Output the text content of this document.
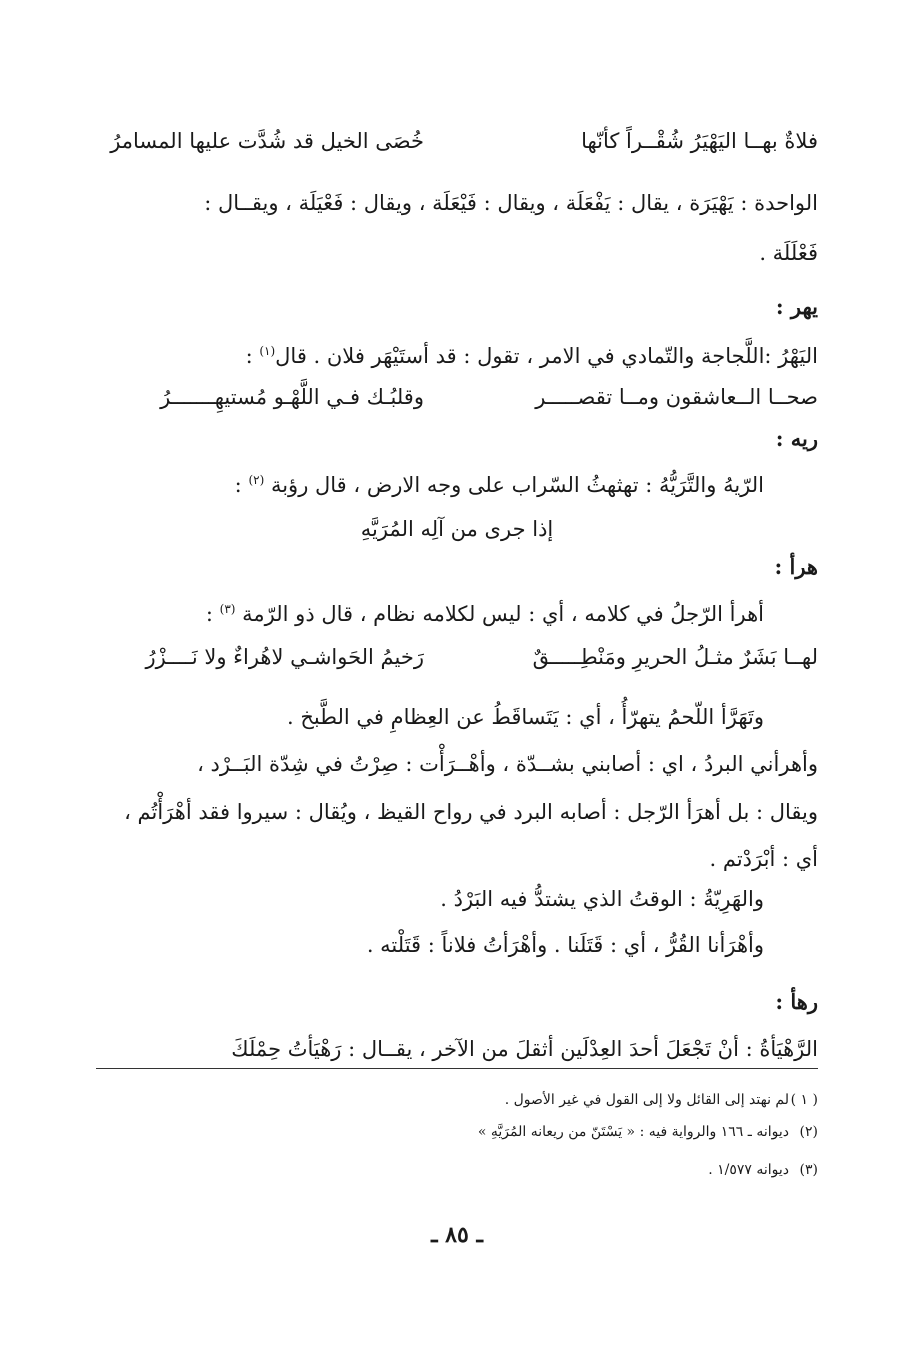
فلاةٌ بهــا اليَهْيَرُ شُقْــراً كأنّها
خُصَى الخيل قد شُدَّت عليها المسامرُ
الواحدة : يَهْيَرَة ، يقال : يَفْعَلَة ، ويقال : فَيْعَلَة ، ويقال : فَعْيَلَة ، ويقــال :
فَعْلَلَة .
يهر :
اليَهْرُ :اللَّجاجة والتّمادي في الامر ، تقول : قد أستَيْهَر فلان . قال$^{(١)}$ :
صحــا الــعاشقون ومــا تقصـــــر
وقلبُـك فـي اللَّهْـو مُستيهِـــــــرُ
ريه :
الرّيهُ والتَّرَيُّهُ : تهثهثُ السّراب على وجه الارض ، قال رؤبة $^{(٢)}$ :
إذا جرى من آلِه المُرَيَّهِ
هرأ :
أهرأ الرّجلُ في كلامه ، أي : ليس لكلامه نظام ، قال ذو الرّمة $^{(٣)}$ :
لهــا بَشَرٌ مثـلُ الحريرِ ومَنْطِـــــقٌ
رَخيمُ الحَواشـي لاهُراءٌ ولا نَــــزْرُ
وتَهَرَّأ اللّحمُ يتهرّأُ ، أي : يَتَساقَطُ عن العِظامِ في الطَّبخ .
وأهرأني البردُ ، اي : أصابني بشــدّة ، وأهْــرَأْت : صِرْتُ في شِدّة البَــرْد ،
ويقال : بل أهرَأ الرّجل : أصابه البرد في رواح القيظ ، ويُقال : سيروا فقد أهْرَأْتُم ،
أي : أبْرَدْتم .
والهَرِيّةُ : الوقتُ الذي يشتدُّ فيه البَرْدُ .
وأهْرَأنا القُرُّ ، أي : قَتَلَنا . وأهْرَأتُ فلاناً : قَتَلْته .
رهأ :
الرَّهْيَأةُ : أنْ تَجْعَلَ أحدَ العِدْلَين أثقلَ من الآخر ، يقــال : رَهْيَأتُ حِمْلَكَ
( ١ )
لم نهتد إلى القائل ولا إلى القول في غير الأصول .
(٢)
ديوانه ـ ١٦٦ والرواية فيه : « يَسْتَنّ من ريعانه المُرَيَّهِ »
(٣)
ديوانه ١/٥٧٧ .
ـ ٨٥ ـ
